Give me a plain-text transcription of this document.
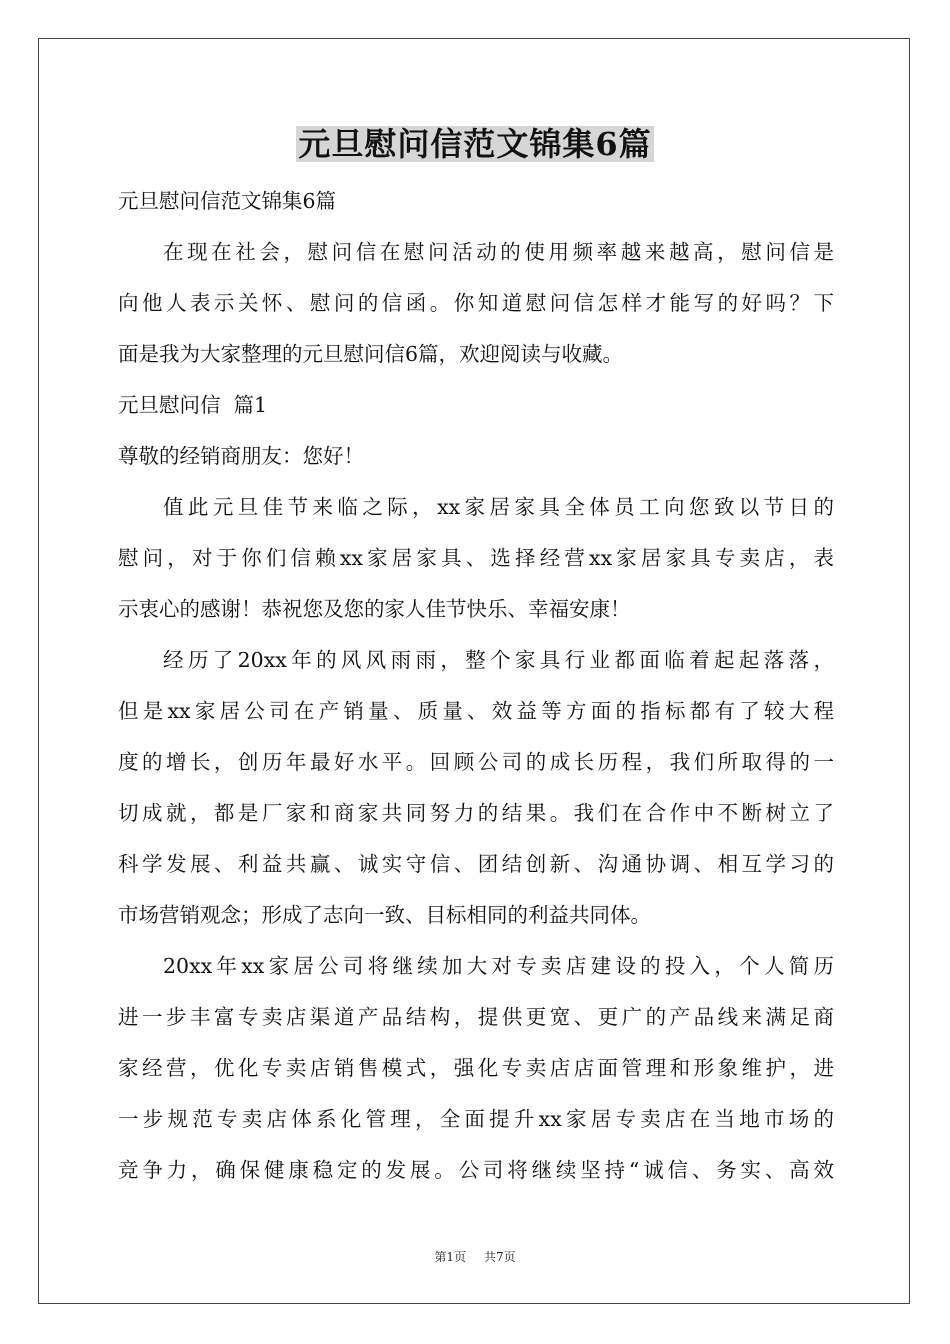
元旦慰问信范文锦集6篇
元旦慰问信范文锦集6篇
在现在社会，慰问信在慰问活动的使用频率越来越高，慰问信是
向他人表示关怀、慰问的信函。你知道慰问信怎样才能写的好吗？下
面是我为大家整理的元旦慰问信6篇，欢迎阅读与收藏。
元旦慰问信  篇1
尊敬的经销商朋友：您好！
值此元旦佳节来临之际，xx家居家具全体员工向您致以节日的
慰问，对于你们信赖xx家居家具、选择经营xx家居家具专卖店，表
示衷心的感谢！恭祝您及您的家人佳节快乐、幸福安康！
经历了20xx年的风风雨雨，整个家具行业都面临着起起落落，
但是xx家居公司在产销量、质量、效益等方面的指标都有了较大程
度的增长，创历年最好水平。回顾公司的成长历程，我们所取得的一
切成就，都是厂家和商家共同努力的结果。我们在合作中不断树立了
科学发展、利益共赢、诚实守信、团结创新、沟通协调、相互学习的
市场营销观念；形成了志向一致、目标相同的利益共同体。
20xx年xx家居公司将继续加大对专卖店建设的投入，个人简历
进一步丰富专卖店渠道产品结构，提供更宽、更广的产品线来满足商
家经营，优化专卖店销售模式，强化专卖店店面管理和形象维护，进
一步规范专卖店体系化管理，全面提升xx家居专卖店在当地市场的
竞争力，确保健康稳定的发展。公司将继续坚持“诚信、务实、高效
第1页 共7页
